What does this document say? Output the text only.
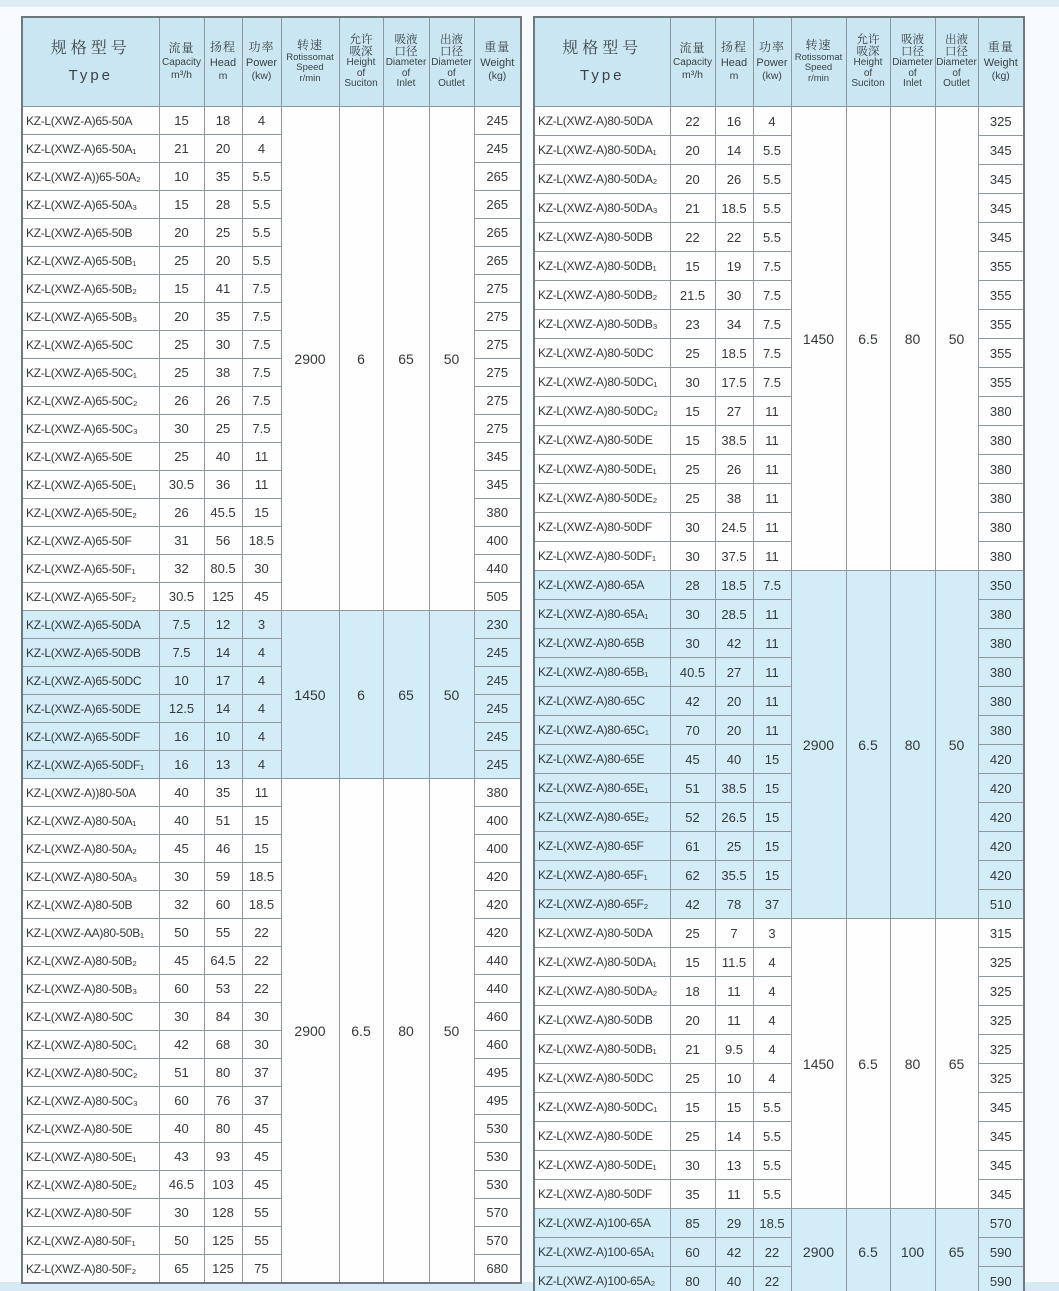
规格型号
Type

流量
Capacity
m³/h

扬程
Head
m

功率
Power
(kw)

转速
Rotissomat
Speed
r/min

允许
吸深
Height
of
Suciton

吸液
口径
Diameter
of
Inlet

出液
口径
Diameter
of
Outlet

重量
Weight
(kg)

KZ-L(XWZ-A)65-50A	15	18	4	2900	6	65	50	245
KZ-L(XWZ-A)65-50A₁	21	20	4					245
KZ-L(XWZ-A))65-50A₂	10	35	5.5					265
KZ-L(XWZ-A)65-50A₃	15	28	5.5					265
KZ-L(XWZ-A)65-50B	20	25	5.5					265
KZ-L(XWZ-A)65-50B₁	25	20	5.5					265
KZ-L(XWZ-A)65-50B₂	15	41	7.5					275
KZ-L(XWZ-A)65-50B₃	20	35	7.5					275
KZ-L(XWZ-A)65-50C	25	30	7.5					275
KZ-L(XWZ-A)65-50C₁	25	38	7.5					275
KZ-L(XWZ-A)65-50C₂	26	26	7.5					275
KZ-L(XWZ-A)65-50C₃	30	25	7.5					275
KZ-L(XWZ-A)65-50E	25	40	11					345
KZ-L(XWZ-A)65-50E₁	30.5	36	11					345
KZ-L(XWZ-A)65-50E₂	26	45.5	15					380
KZ-L(XWZ-A)65-50F	31	56	18.5					400
KZ-L(XWZ-A)65-50F₁	32	80.5	30					440
KZ-L(XWZ-A)65-50F₂	30.5	125	45					505
KZ-L(XWZ-A)65-50DA	7.5	12	3	1450	6	65	50	230
KZ-L(XWZ-A)65-50DB	7.5	14	4					245
KZ-L(XWZ-A)65-50DC	10	17	4					245
KZ-L(XWZ-A)65-50DE	12.5	14	4					245
KZ-L(XWZ-A)65-50DF	16	10	4					245
KZ-L(XWZ-A)65-50DF₁	16	13	4					245
KZ-L(XWZ-A))80-50A	40	35	11	2900	6.5	80	50	380
KZ-L(XWZ-A)80-50A₁	40	51	15					400
KZ-L(XWZ-A)80-50A₂	45	46	15					400
KZ-L(XWZ-A)80-50A₃	30	59	18.5					420
KZ-L(XWZ-A)80-50B	32	60	18.5					420
KZ-L(XWZ-AA)80-50B₁	50	55	22					420
KZ-L(XWZ-A)80-50B₂	45	64.5	22					440
KZ-L(XWZ-A)80-50B₃	60	53	22					440
KZ-L(XWZ-A)80-50C	30	84	30					460
KZ-L(XWZ-A)80-50C₁	42	68	30					460
KZ-L(XWZ-A)80-50C₂	51	80	37					495
KZ-L(XWZ-A)80-50C₃	60	76	37					495
KZ-L(XWZ-A)80-50E	40	80	45					530
KZ-L(XWZ-A)80-50E₁	43	93	45					530
KZ-L(XWZ-A)80-50E₂	46.5	103	45					530
KZ-L(XWZ-A)80-50F	30	128	55					570
KZ-L(XWZ-A)80-50F₁	50	125	55					570
KZ-L(XWZ-A)80-50F₂	65	125	75					680
规格型号
Type

流量
Capacity
m³/h

扬程
Head
m

功率
Power
(kw)

转速
Rotissomat
Speed
r/min

允许
吸深
Height
of
Suciton

吸液
口径
Diameter
of
Inlet

出液
口径
Diameter
of
Outlet

重量
Weight
(kg)

KZ-L(XWZ-A)80-50DA	22	16	4	1450	6.5	80	50	325
KZ-L(XWZ-A)80-50DA₁	20	14	5.5					345
KZ-L(XWZ-A)80-50DA₂	20	26	5.5					345
KZ-L(XWZ-A)80-50DA₃	21	18.5	5.5					345
KZ-L(XWZ-A)80-50DB	22	22	5.5					345
KZ-L(XWZ-A)80-50DB₁	15	19	7.5					355
KZ-L(XWZ-A)80-50DB₂	21.5	30	7.5					355
KZ-L(XWZ-A)80-50DB₃	23	34	7.5					355
KZ-L(XWZ-A)80-50DC	25	18.5	7.5					355
KZ-L(XWZ-A)80-50DC₁	30	17.5	7.5					355
KZ-L(XWZ-A)80-50DC₂	15	27	11					380
KZ-L(XWZ-A)80-50DE	15	38.5	11					380
KZ-L(XWZ-A)80-50DE₁	25	26	11					380
KZ-L(XWZ-A)80-50DE₂	25	38	11					380
KZ-L(XWZ-A)80-50DF	30	24.5	11					380
KZ-L(XWZ-A)80-50DF₁	30	37.5	11					380
KZ-L(XWZ-A)80-65A	28	18.5	7.5	2900	6.5	80	50	350
KZ-L(XWZ-A)80-65A₁	30	28.5	11					380
KZ-L(XWZ-A)80-65B	30	42	11					380
KZ-L(XWZ-A)80-65B₁	40.5	27	11					380
KZ-L(XWZ-A)80-65C	42	20	11					380
KZ-L(XWZ-A)80-65C₁	70	20	11					380
KZ-L(XWZ-A)80-65E	45	40	15					420
KZ-L(XWZ-A)80-65E₁	51	38.5	15					420
KZ-L(XWZ-A)80-65E₂	52	26.5	15					420
KZ-L(XWZ-A)80-65F	61	25	15					420
KZ-L(XWZ-A)80-65F₁	62	35.5	15					420
KZ-L(XWZ-A)80-65F₂	42	78	37					510
KZ-L(XWZ-A)80-50DA	25	7	3	1450	6.5	80	65	315
KZ-L(XWZ-A)80-50DA₁	15	11.5	4					325
KZ-L(XWZ-A)80-50DA₂	18	11	4					325
KZ-L(XWZ-A)80-50DB	20	11	4					325
KZ-L(XWZ-A)80-50DB₁	21	9.5	4					325
KZ-L(XWZ-A)80-50DC	25	10	4					325
KZ-L(XWZ-A)80-50DC₁	15	15	5.5					345
KZ-L(XWZ-A)80-50DE	25	14	5.5					345
KZ-L(XWZ-A)80-50DE₁	30	13	5.5					345
KZ-L(XWZ-A)80-50DF	35	11	5.5					345
KZ-L(XWZ-A)100-65A	85	29	18.5	2900	6.5	100	65	570
KZ-L(XWZ-A)100-65A₁	60	42	22					590
KZ-L(XWZ-A)100-65A₂	80	40	22					590
